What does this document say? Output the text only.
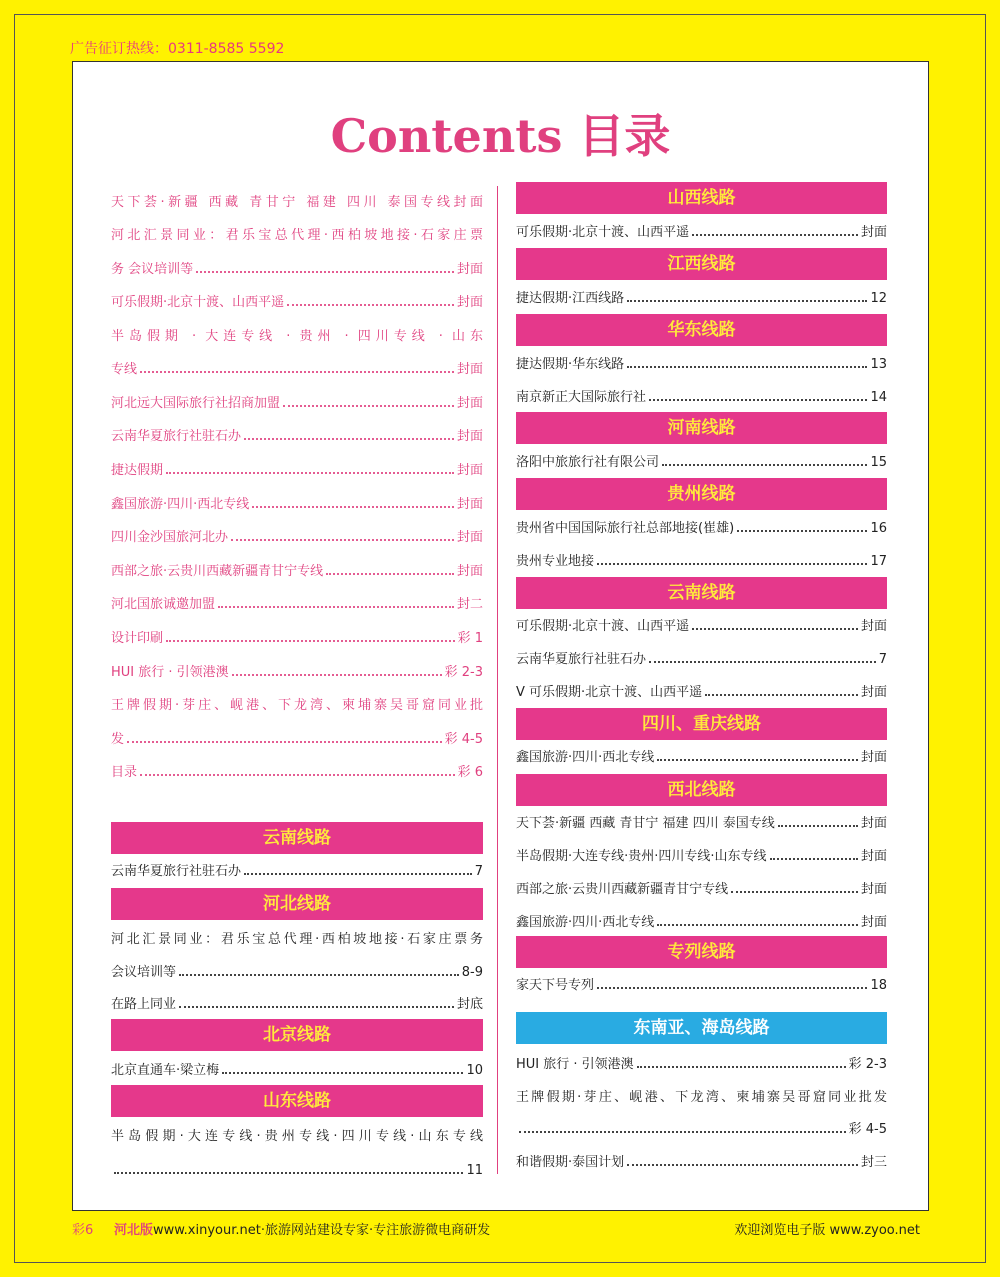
广告征订热线：0311-8585 5592
Contents 目录
天下荟·新疆 西藏 青甘宁 福建 四川 泰国专线封面
河北汇景同业：君乐宝总代理·西柏坡地接·石家庄票
务 会议培训等	封面
可乐假期·北京十渡、山西平遥	封面
半岛假期 · 大连专线 · 贵州 · 四川专线 · 山东
专线	封面
河北远大国际旅行社招商加盟	封面
云南华夏旅行社驻石办	封面
捷达假期	封面
鑫国旅游·四川·西北专线	封面
四川金沙国旅河北办	封面
西部之旅·云贵川西藏新疆青甘宁专线	封面
河北国旅诚邀加盟	封二
设计印刷	彩 1
HUI 旅行 · 引领港澳	彩 2-3
王牌假期·芽庄、岘港、下龙湾、柬埔寨吴哥窟同业批
发	彩 4-5
目录	彩 6
云南线路
云南华夏旅行社驻石办	7
河北线路
河北汇景同业：君乐宝总代理·西柏坡地接·石家庄票务
会议培训等	8-9
在路上同业	封底
北京线路
北京直通车·梁立梅	10
山东线路
半岛假期·大连专线·贵州专线·四川专线·山东专线
11
山西线路
可乐假期·北京十渡、山西平遥	封面
江西线路
捷达假期·江西线路	12
华东线路
捷达假期·华东线路	13
南京新正大国际旅行社	14
河南线路
洛阳中旅旅行社有限公司	15
贵州线路
贵州省中国国际旅行社总部地接(崔雄)	16
贵州专业地接	17
云南线路
可乐假期·北京十渡、山西平遥	封面
云南华夏旅行社驻石办	7
V 可乐假期·北京十渡、山西平遥	封面
四川、重庆线路
鑫国旅游·四川·西北专线	封面
西北线路
天下荟·新疆 西藏 青甘宁 福建 四川 泰国专线	封面
半岛假期·大连专线·贵州·四川专线·山东专线	封面
西部之旅·云贵川西藏新疆青甘宁专线	封面
鑫国旅游·四川·西北专线	封面
专列线路
家天下号专列	18
东南亚、海岛线路
HUI 旅行 · 引领港澳	彩 2-3
王牌假期·芽庄、岘港、下龙湾、柬埔寨吴哥窟同业批发
彩 4-5
和谐假期·泰国计划	封三
彩6 河北版www.xinyour.net·旅游网站建设专家·专注旅游微电商研发	欢迎浏览电子版 www.zyoo.net
